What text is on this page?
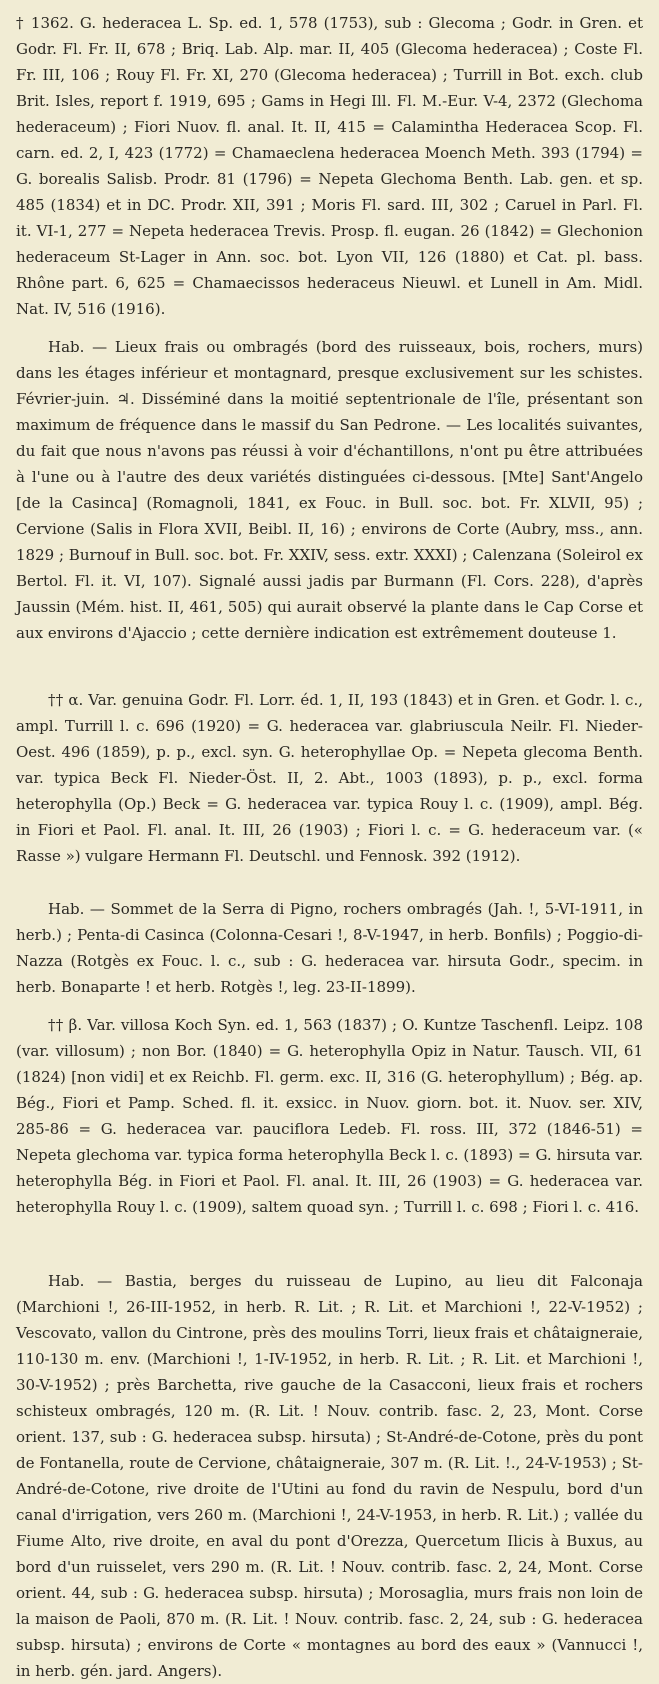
† 1362. G. hederacea L. Sp. ed. 1, 578 (1753), sub : Glecoma ; Godr. in Gren. et Godr. Fl. Fr. II, 678 ; Briq. Lab. Alp. mar. II, 405 (Glecoma hederacea) ; Coste Fl. Fr. III, 106 ; Rouy Fl. Fr. XI, 270 (Glecoma hederacea) ; Turrill in Bot. exch. club Brit. Isles, report f. 1919, 695 ; Gams in Hegi Ill. Fl. M.-Eur. V-4, 2372 (Glechoma hederaceum) ; Fiori Nuov. fl. anal. It. II, 415 = Calamintha Hederacea Scop. Fl. carn. ed. 2, I, 423 (1772) = Chamaeclena hederacea Moench Meth. 393 (1794) = G. borealis Salisb. Prodr. 81 (1796) = Nepeta Glechoma Benth. Lab. gen. et sp. 485 (1834) et in DC. Prodr. XII, 391 ; Moris Fl. sard. III, 302 ; Caruel in Parl. Fl. it. VI-1, 277 = Nepeta hederacea Trevis. Prosp. fl. eugan. 26 (1842) = Glechonion hederaceum St-Lager in Ann. soc. bot. Lyon VII, 126 (1880) et Cat. pl. bass. Rhône part. 6, 625 = Chamaecissos hederaceus Nieuwl. et Lunell in Am. Midl. Nat. IV, 516 (1916).

Hab. — Lieux frais ou ombragés (bord des ruisseaux, bois, rochers, murs) dans les étages inférieur et montagnard, presque exclusivement sur les schistes. Février-juin. ♃. Disséminé dans la moitié septentrionale de l'île, présentant son maximum de fréquence dans le massif du San Pedrone. — Les localités suivantes, du fait que nous n'avons pas réussi à voir d'échantillons, n'ont pu être attribuées à l'une ou à l'autre des deux variétés distinguées ci-dessous. [Mte] Sant'Angelo [de la Casinca] (Romagnoli, 1841, ex Fouc. in Bull. soc. bot. Fr. XLVII, 95) ; Cervione (Salis in Flora XVII, Beibl. II, 16) ; environs de Corte (Aubry, mss., ann. 1829 ; Burnouf in Bull. soc. bot. Fr. XXIV, sess. extr. XXXI) ; Calenzana (Soleirol ex Bertol. Fl. it. VI, 107). Signalé aussi jadis par Burmann (Fl. Cors. 228), d'après Jaussin (Mém. hist. II, 461, 505) qui aurait observé la plante dans le Cap Corse et aux environs d'Ajaccio ; cette dernière indication est extrêmement douteuse 1.

†† α. Var. genuina Godr. Fl. Lorr. éd. 1, II, 193 (1843) et in Gren. et Godr. l. c., ampl. Turrill l. c. 696 (1920) = G. hederacea var. glabriuscula Neilr. Fl. Nieder-Oest. 496 (1859), p. p., excl. syn. G. heterophyllae Op. = Nepeta glecoma Benth. var. typica Beck Fl. Nieder-Öst. II, 2. Abt., 1003 (1893), p. p., excl. forma heterophylla (Op.) Beck = G. hederacea var. typica Rouy l. c. (1909), ampl. Bég. in Fiori et Paol. Fl. anal. It. III, 26 (1903) ; Fiori l. c. = G. hederaceum var. (« Rasse ») vulgare Hermann Fl. Deutschl. und Fennosk. 392 (1912).

Hab. — Sommet de la Serra di Pigno, rochers ombragés (Jah. !, 5-VI-1911, in herb.) ; Penta-di Casinca (Colonna-Cesari !, 8-V-1947, in herb. Bonfils) ; Poggio-di-Nazza (Rotgès ex Fouc. l. c., sub : G. hederacea var. hirsuta Godr., specim. in herb. Bonaparte ! et herb. Rotgès !, leg. 23-II-1899).

†† β. Var. villosa Koch Syn. ed. 1, 563 (1837) ; O. Kuntze Taschenfl. Leipz. 108 (var. villosum) ; non Bor. (1840) = G. heterophylla Opiz in Natur. Tausch. VII, 61 (1824) [non vidi] et ex Reichb. Fl. germ. exc. II, 316 (G. heterophyllum) ; Bég. ap. Bég., Fiori et Pamp. Sched. fl. it. exsicc. in Nuov. giorn. bot. it. Nuov. ser. XIV, 285-86 = G. hederacea var. pauciflora Ledeb. Fl. ross. III, 372 (1846-51) = Nepeta glechoma var. typica forma heterophylla Beck l. c. (1893) = G. hirsuta var. heterophylla Bég. in Fiori et Paol. Fl. anal. It. III, 26 (1903) = G. hederacea var. heterophylla Rouy l. c. (1909), saltem quoad syn. ; Turrill l. c. 698 ; Fiori l. c. 416.

Hab. — Bastia, berges du ruisseau de Lupino, au lieu dit Falconaja (Marchioni !, 26-III-1952, in herb. R. Lit. ; R. Lit. et Marchioni !, 22-V-1952) ; Vescovato, vallon du Cintrone, près des moulins Torri, lieux frais et châtaigneraie, 110-130 m. env. (Marchioni !, 1-IV-1952, in herb. R. Lit. ; R. Lit. et Marchioni !, 30-V-1952) ; près Barchetta, rive gauche de la Casacconi, lieux frais et rochers schisteux ombragés, 120 m. (R. Lit. ! Nouv. contrib. fasc. 2, 23, Mont. Corse orient. 137, sub : G. hederacea subsp. hirsuta) ; St-André-de-Cotone, près du pont de Fontanella, route de Cervione, châtaigneraie, 307 m. (R. Lit. !., 24-V-1953) ; St-André-de-Cotone, rive droite de l'Utini au fond du ravin de Nespulu, bord d'un canal d'irrigation, vers 260 m. (Marchioni !, 24-V-1953, in herb. R. Lit.) ; vallée du Fiume Alto, rive droite, en aval du pont d'Orezza, Quercetum Ilicis à Buxus, au bord d'un ruisselet, vers 290 m. (R. Lit. ! Nouv. contrib. fasc. 2, 24, Mont. Corse orient. 44, sub : G. hederacea subsp. hirsuta) ; Morosaglia, murs frais non loin de la maison de Paoli, 870 m. (R. Lit. ! Nouv. contrib. fasc. 2, 24, sub : G. hederacea subsp. hirsuta) ; environs de Corte « montagnes au bord des eaux » (Vannucci !, in herb. gén. jard. Angers).
